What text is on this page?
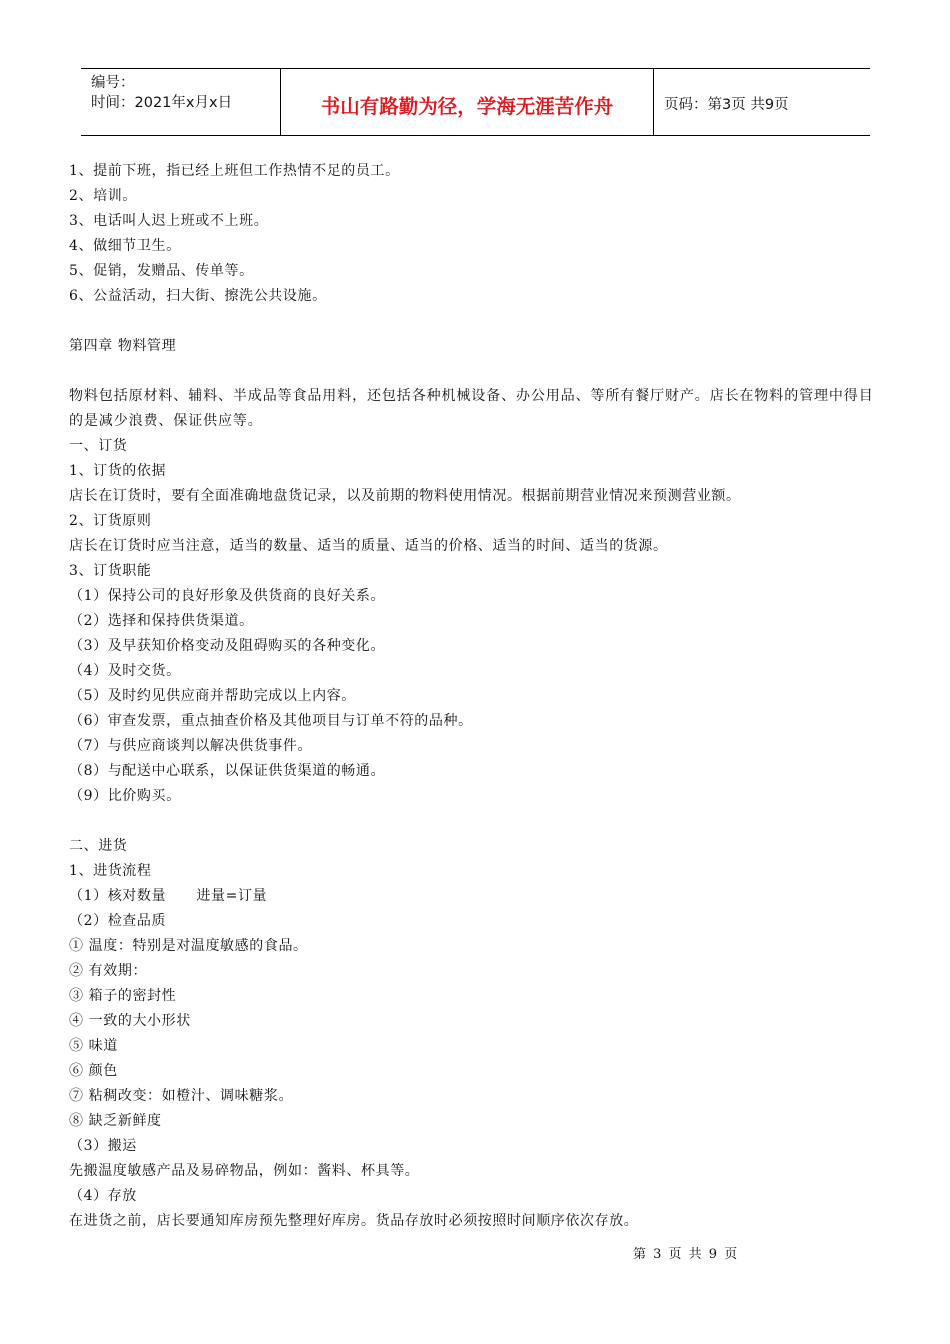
编号：
时间：2021年x月x日	书山有路勤为径，学海无涯苦作舟	页码：第3页 共9页
1、提前下班，指已经上班但工作热情不足的员工。
2、培训。
3、电话叫人迟上班或不上班。
4、做细节卫生。
5、促销，发赠品、传单等。
6、公益活动，扫大街、擦洗公共设施。
第四章 物料管理
物料包括原材料、辅料、半成品等食品用料，还包括各种机械设备、办公用品、等所有餐厅财产。店长在物料的管理中得目的是减少浪费、保证供应等。
一、订货
1、订货的依据
店长在订货时，要有全面准确地盘货记录，以及前期的物料使用情况。根据前期营业情况来预测营业额。
2、订货原则
店长在订货时应当注意，适当的数量、适当的质量、适当的价格、适当的时间、适当的货源。
3、订货职能
（1）保持公司的良好形象及供货商的良好关系。
（2）选择和保持供货渠道。
（3）及早获知价格变动及阻碍购买的各种变化。
（4）及时交货。
（5）及时约见供应商并帮助完成以上内容。
（6）审查发票，重点抽查价格及其他项目与订单不符的品种。
（7）与供应商谈判以解决供货事件。
（8）与配送中心联系，以保证供货渠道的畅通。
（9）比价购买。
二、进货
1、进货流程
（1）核对数量      进量=订量
（2）检查品质
① 温度：特别是对温度敏感的食品。
② 有效期：
③ 箱子的密封性
④ 一致的大小形状
⑤ 味道
⑥ 颜色
⑦ 粘稠改变：如橙汁、调味糖浆。
⑧ 缺乏新鲜度
（3）搬运
先搬温度敏感产品及易碎物品，例如：酱料、杯具等。
（4）存放
在进货之前，店长要通知库房预先整理好库房。货品存放时必须按照时间顺序依次存放。
第 3 页 共 9 页
